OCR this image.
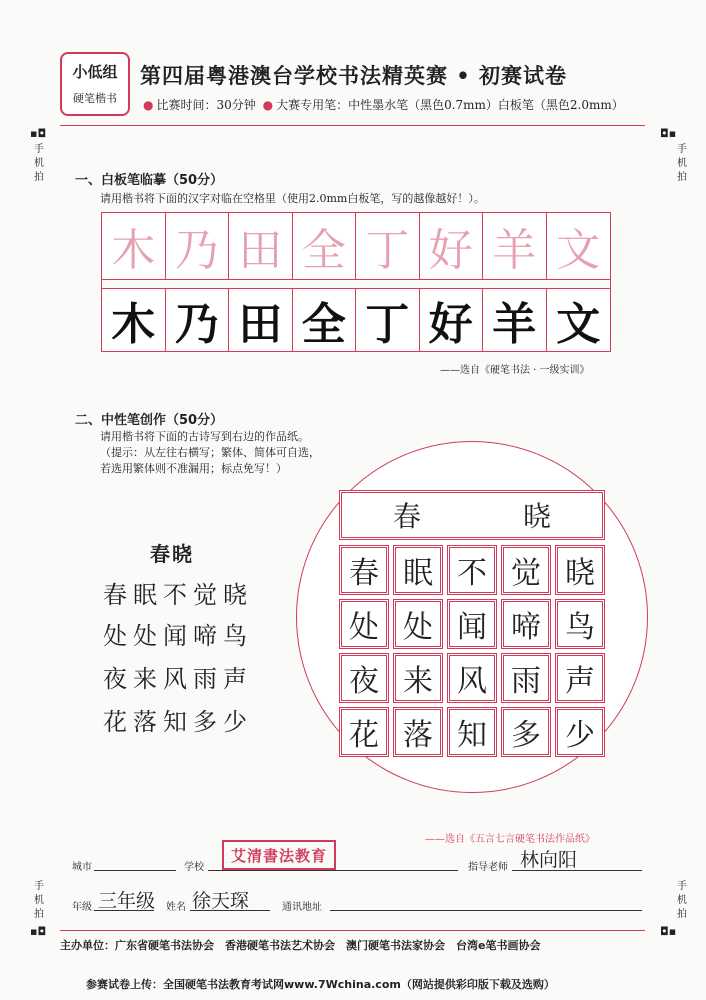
小低组
硬笔楷书
第四届粤港澳台学校书法精英赛 • 初赛试卷
● 比赛时间：30分钟 ● 大赛专用笔：中性墨水笔（黑色0.7mm）白板笔（黑色2.0mm）
▪◘
手机拍
◘▪
手机拍
手机拍
▪◘
手机拍
◘▪
一、白板笔临摹（50分）
请用楷书将下面的汉字对临在空格里（使用2.0mm白板笔，写的越像越好！）。
木 乃 田 全 丁 好 羊 文
木 乃 田 全 丁 好 羊 文
——选自《硬笔书法 · 一级实训》
二、中性笔创作（50分）
请用楷书将下面的古诗写到右边的作品纸。
（提示：从左往右横写；繁体、简体可自选，
若选用繁体则不准漏用；标点免写！）
春晓
春眠不觉晓
处处闻啼鸟
夜来风雨声
花落知多少
春	晓
春 眠 不 觉 晓
处 处 闻 啼 鸟
夜 来 风 雨 声
花 落 知 多 少
——选自《五言七言硬笔书法作品纸》
城市	学校
艾清書法教育
指导老师 林向阳
年级 三年级 姓名 徐天琛	通讯地址
主办单位：广东省硬笔书法协会　香港硬笔书法艺术协会　澳门硬笔书法家协会　台湾e笔书画协会
参赛试卷上传：全国硬笔书法教育考试网www.7Wchina.com（网站提供彩印版下载及选购）
